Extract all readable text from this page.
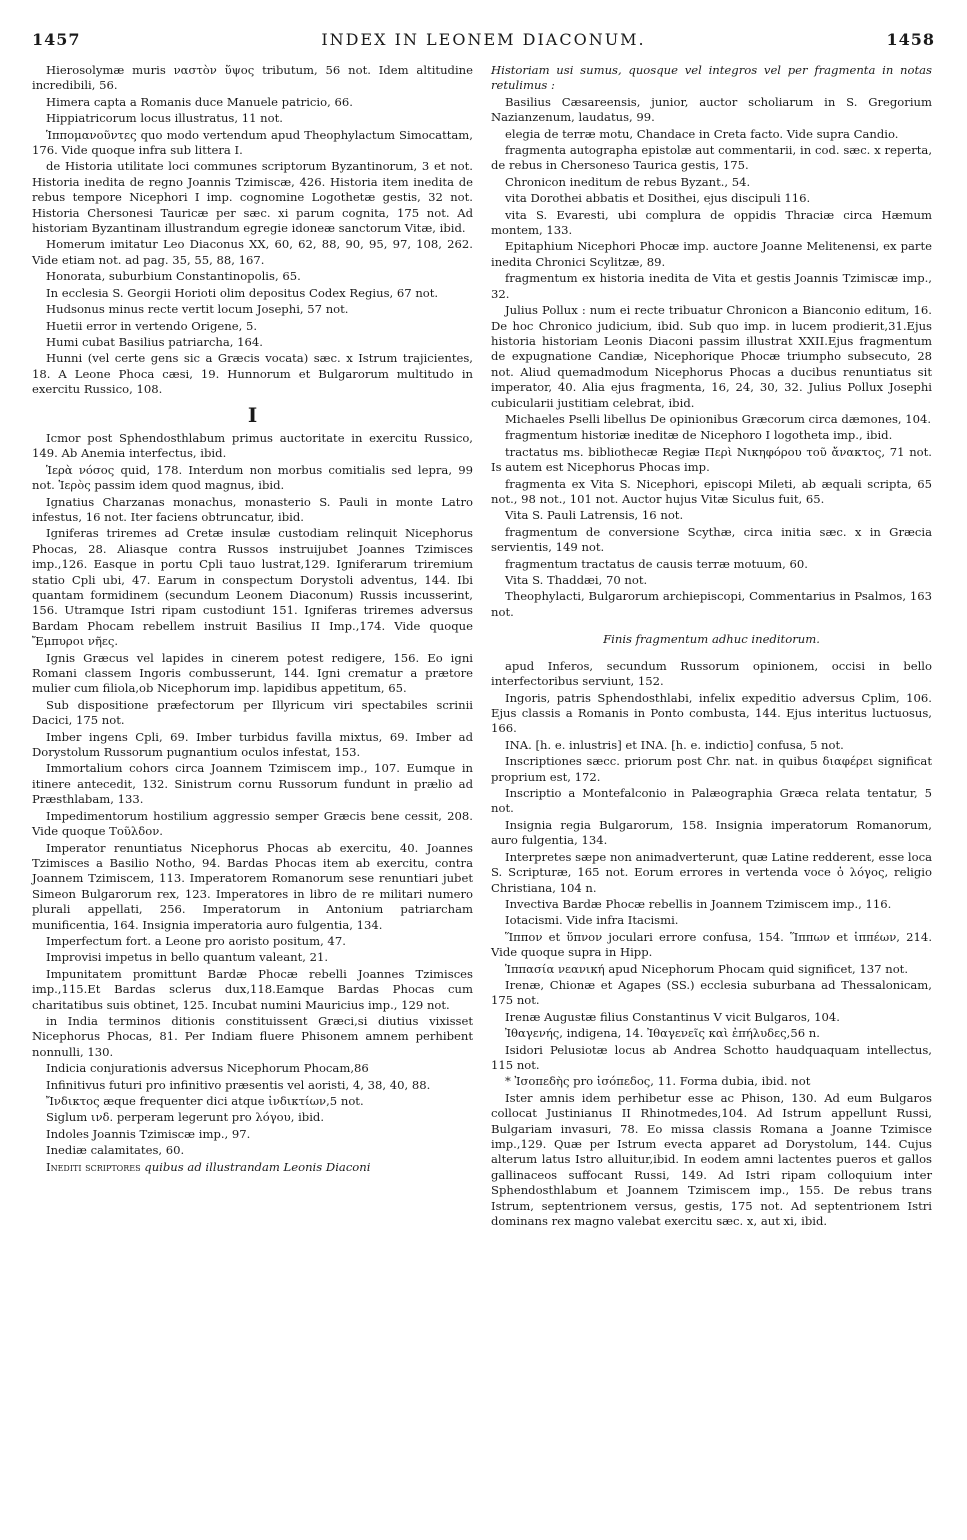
1457	INDEX IN LEONEM DIACONUM.	1458

Hierosolymæ muris ναστὸν ὕψος tributum, 56 not. Idem altitudine incredibili, 56.

Himera capta a Romanis duce Manuele patricio, 66.

Hippiatricorum locus illustratus, 11 not.

Ἱππομανοῦντες quo modo vertendum apud Theophylactum Simocattam, 176. Vide quoque infra sub littera I.

de Historia utilitate loci communes scriptorum Byzantinorum, 3 et not. Historia inedita de regno Joannis Tzimiscæ, 426. Historia item inedita de rebus tempore Nicephori I imp. cognomine Logothetæ gestis, 32 not. Historia Chersonesi Tauricæ per sæc. xi parum cognita, 175 not. Ad historiam Byzantinam illustrandum egregie idoneæ sanctorum Vitæ, ibid.

Homerum imitatur Leo Diaconus XX, 60, 62, 88, 90, 95, 97, 108, 262. Vide etiam not. ad pag. 35, 55, 88, 167.

Honorata, suburbium Constantinopolis, 65.

In ecclesia S. Georgii Horioti olim depositus Codex Regius, 67 not.

Hudsonus minus recte vertit locum Josephi, 57 not.

Huetii error in vertendo Origene, 5.

Humi cubat Basilius patriarcha, 164.

Hunni (vel certe gens sic a Græcis vocata) sæc. x Istrum trajicientes, 18. A Leone Phoca cæsi, 19. Hunnorum et Bulgarorum multitudo in exercitu Russico, 108.

I

Icmor post Sphendosthlabum primus auctoritate in exercitu Russico, 149. Ab Anemia interfectus, ibid.

Ἱερὰ νόσος quid, 178. Interdum non morbus comitialis sed lepra, 99 not. Ἱερὸς passim idem quod magnus, ibid.

Ignatius Charzanas monachus, monasterio S. Pauli in monte Latro infestus, 16 not. Iter faciens obtruncatur, ibid.

Igniferas triremes ad Cretæ insulæ custodiam relinquit Nicephorus Phocas, 28. Aliasque contra Russos instruijubet Joannes Tzimisces imp.,126. Easque in portu Cpli tauo lustrat,129. Igniferarum triremium statio Cpli ubi, 47. Earum in conspectum Dorystoli adventus, 144. Ibi quantam formidinem (secundum Leonem Diaconum) Russis incusserint, 156. Utramque Istri ripam custodiunt 151. Igniferas triremes adversus Bardam Phocam rebellem instruit Basilius II Imp.,174. Vide quoque Ἔμπυροι νῆες.

Ignis Græcus vel lapides in cinerem potest redigere, 156. Eo igni Romani classem Ingoris combusserunt, 144. Igni crematur a prætore mulier cum filiola,ob Nicephorum imp. lapidibus appetitum, 65.

Sub dispositione præfectorum per Illyricum viri spectabiles scrinii Dacici, 175 not.

Imber ingens Cpli, 69. Imber turbidus favilla mixtus, 69. Imber ad Dorystolum Russorum pugnantium oculos infestat, 153.

Immortalium cohors circa Joannem Tzimiscem imp., 107. Eumque in itinere antecedit, 132. Sinistrum cornu Russorum fundunt in prælio ad Præsthlabam, 133.

Impedimentorum hostilium aggressio semper Græcis bene cessit, 208. Vide quoque Τοῦλδον.

Imperator renuntiatus Nicephorus Phocas ab exercitu, 40. Joannes Tzimisces a Basilio Notho, 94. Bardas Phocas item ab exercitu, contra Joannem Tzimiscem, 113. Imperatorem Romanorum sese renuntiari jubet Simeon Bulgarorum rex, 123. Imperatores in libro de re militari numero plurali appellati, 256. Imperatorum in Antonium patriarcham munificentia, 164. Insignia imperatoria auro fulgentia, 134.

Imperfectum fort. a Leone pro aoristo positum, 47.

Improvisi impetus in bello quantum valeant, 21.

Impunitatem promittunt Bardæ Phocæ rebelli Joannes Tzimisces imp.,115.Et Bardas sclerus dux,118.Eamque Bardas Phocas cum charitatibus suis obtinet, 125. Incubat numini Mauricius imp., 129 not.

in India terminos ditionis constituissent Græci,si diutius vixisset Nicephorus Phocas, 81. Per Indiam fluere Phisonem amnem perhibent nonnulli, 130.

Indicia conjurationis adversus Nicephorum Phocam,86

Infinitivus futuri pro infinitivo præsentis vel aoristi, 4, 38, 40, 88.

Ἴνδικτος æque frequenter dici atque ἰνδικτίων,5 not.

Siglum ινδ. perperam legerunt pro λόγου, ibid.

Indoles Joannis Tzimiscæ imp., 97.

Inediæ calamitates, 60.

Inediti scriptores quibus ad illustrandam Leonis Diaconi

Historiam usi sumus, quosque vel integros vel per fragmenta in notas retulimus :

Basilius Cæsareensis, junior, auctor scholiarum in S. Gregorium Nazianzenum, laudatus, 99.

elegia de terræ motu, Chandace in Creta facto. Vide supra Candio.

fragmenta autographa epistolæ aut commentarii, in cod. sæc. x reperta, de rebus in Chersoneso Taurica gestis, 175.

Chronicon ineditum de rebus Byzant., 54.

vita Dorothei abbatis et Dosithei, ejus discipuli 116.

vita S. Evaresti, ubi complura de oppidis Thraciæ circa Hæmum montem, 133.

Epitaphium Nicephori Phocæ imp. auctore Joanne Melitenensi, ex parte inedita Chronici Scylitzæ, 89.

fragmentum ex historia inedita de Vita et gestis Joannis Tzimiscæ imp., 32.

Julius Pollux : num ei recte tribuatur Chronicon a Bianconio editum, 16. De hoc Chronico judicium, ibid. Sub quo imp. in lucem prodierit,31.Ejus historia historiam Leonis Diaconi passim illustrat XXII.Ejus fragmentum de expugnatione Candiæ, Nicephorique Phocæ triumpho subsecuto, 28 not. Aliud quemadmodum Nicephorus Phocas a ducibus renuntiatus sit imperator, 40. Alia ejus fragmenta, 16, 24, 30, 32. Julius Pollux Josephi cubicularii justitiam celebrat, ibid.

Michaeles Pselli libellus De opinionibus Græcorum circa dæmones, 104.

fragmentum historiæ ineditæ de Nicephoro I logotheta imp., ibid.

tractatus ms. bibliothecæ Regiæ Περὶ Νικηφόρου τοῦ ἄνακτος, 71 not. Is autem est Nicephorus Phocas imp.

fragmenta ex Vita S. Nicephori, episcopi Mileti, ab æquali scripta, 65 not., 98 not., 101 not. Auctor hujus Vitæ Siculus fuit, 65.

Vita S. Pauli Latrensis, 16 not.

fragmentum de conversione Scythæ, circa initia sæc. x in Græcia servientis, 149 not.

fragmentum tractatus de causis terræ motuum, 60.

Vita S. Thaddæi, 70 not.

Theophylacti, Bulgarorum archiepiscopi, Commentarius in Psalmos, 163 not.

Finis fragmentum adhuc ineditorum.

apud Inferos, secundum Russorum opinionem, occisi in bello interfectoribus serviunt, 152.

Ingoris, patris Sphendosthlabi, infelix expeditio adversus Cplim, 106. Ejus classis a Romanis in Ponto combusta, 144. Ejus interitus luctuosus, 166.

INA. [h. e. inlustris] et INA. [h. e. indictio] confusa, 5 not.

Inscriptiones sæcc. priorum post Chr. nat. in quibus διαφέρει significat proprium est, 172.

Inscriptio a Montefalconio in Palæographia Græca relata tentatur, 5 not.

Insignia regia Bulgarorum, 158. Insignia imperatorum Romanorum, auro fulgentia, 134.

Interpretes sæpe non animadverterunt, quæ Latine redderent, esse loca S. Scripturæ, 165 not. Eorum errores in vertenda voce ὁ λόγος, religio Christiana, 104 n.

Invectiva Bardæ Phocæ rebellis in Joannem Tzimiscem imp., 116.

Iotacismi. Vide infra Itacismi.

Ἵππον et ὕπνον joculari errore confusa, 154. Ἵππων et ἱππέων, 214. Vide quoque supra in Hipp.

Ἱππασία νεανική apud Nicephorum Phocam quid significet, 137 not.

Irenæ, Chionæ et Agapes (SS.) ecclesia suburbana ad Thessalonicam, 175 not.

Irenæ Augustæ filius Constantinus V vicit Bulgaros, 104.

Ἰθαγενής, indigena, 14. Ἰθαγενεῖς καὶ ἐπήλυδες,56 n.

Isidori Pelusiotæ locus ab Andrea Schotto haudquaquam intellectus, 115 not.

* Ἰσοπεδὴς pro ἰσόπεδος, 11. Forma dubia, ibid. not

Ister amnis idem perhibetur esse ac Phison, 130. Ad eum Bulgaros collocat Justinianus II Rhinotmedes,104. Ad Istrum appellunt Russi, Bulgariam invasuri, 78. Eo missa classis Romana a Joanne Tzimisce imp.,129. Quæ per Istrum evecta apparet ad Dorystolum, 144. Cujus alterum latus Istro alluitur,ibid. In eodem amni lactentes pueros et gallos gallinaceos suffocant Russi, 149. Ad Istri ripam colloquium inter Sphendosthlabum et Joannem Tzimiscem imp., 155. De rebus trans Istrum, septentrionem versus, gestis, 175 not. Ad septentrionem Istri dominans rex magno valebat exercitu sæc. x, aut xi, ibid.
